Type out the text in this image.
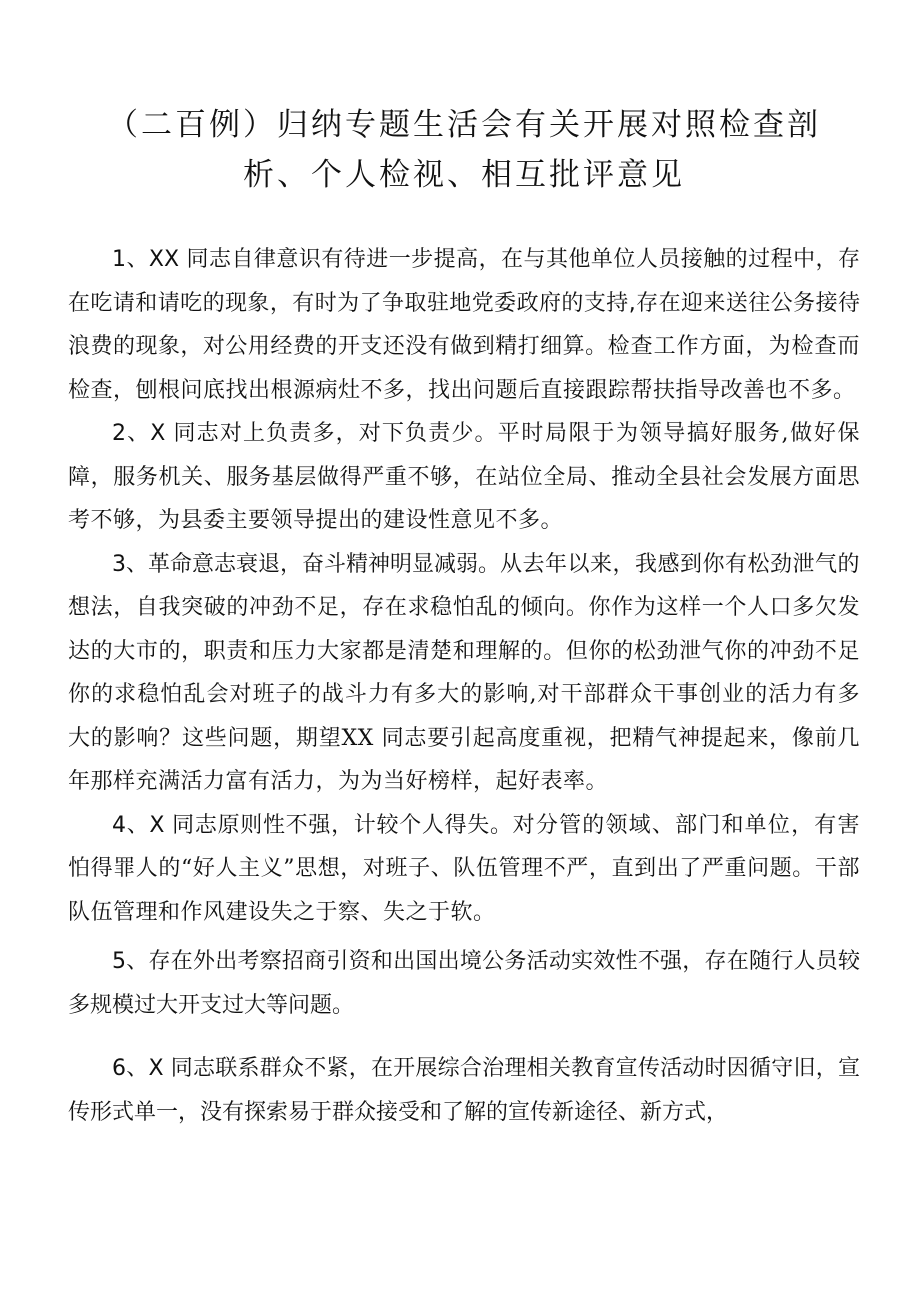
（二百例）归纳专题生活会有关开展对照检查剖
析、个人检视、相互批评意见

1、XX 同志自律意识有待进一步提高，在与其他单位人员接触的过程中，存在吃请和请吃的现象，有时为了争取驻地党委政府的支持,存在迎来送往公务接待浪费的现象，对公用经费的开支还没有做到精打细算。检查工作方面，为检查而检查，刨根问底找出根源病灶不多，找出问题后直接跟踪帮扶指导改善也不多。

2、X 同志对上负责多，对下负责少。平时局限于为领导搞好服务,做好保障，服务机关、服务基层做得严重不够，在站位全局、推动全县社会发展方面思考不够，为县委主要领导提出的建设性意见不多。

3、革命意志衰退，奋斗精神明显减弱。从去年以来，我感到你有松劲泄气的想法，自我突破的冲劲不足，存在求稳怕乱的倾向。你作为这样一个人口多欠发达的大市的，职责和压力大家都是清楚和理解的。但你的松劲泄气你的冲劲不足你的求稳怕乱会对班子的战斗力有多大的影响,对干部群众干事创业的活力有多大的影响？这些问题，期望XX 同志要引起高度重视，把精气神提起来，像前几年那样充满活力富有活力，为为当好榜样，起好表率。

4、X 同志原则性不强，计较个人得失。对分管的领域、部门和单位，有害怕得罪人的“好人主义”思想，对班子、队伍管理不严，直到出了严重问题。干部队伍管理和作风建设失之于察、失之于软。

5、存在外出考察招商引资和出国出境公务活动实效性不强，存在随行人员较多规模过大开支过大等问题。

6、X 同志联系群众不紧，在开展综合治理相关教育宣传活动时因循守旧，宣传形式单一，没有探索易于群众接受和了解的宣传新途径、新方式，
